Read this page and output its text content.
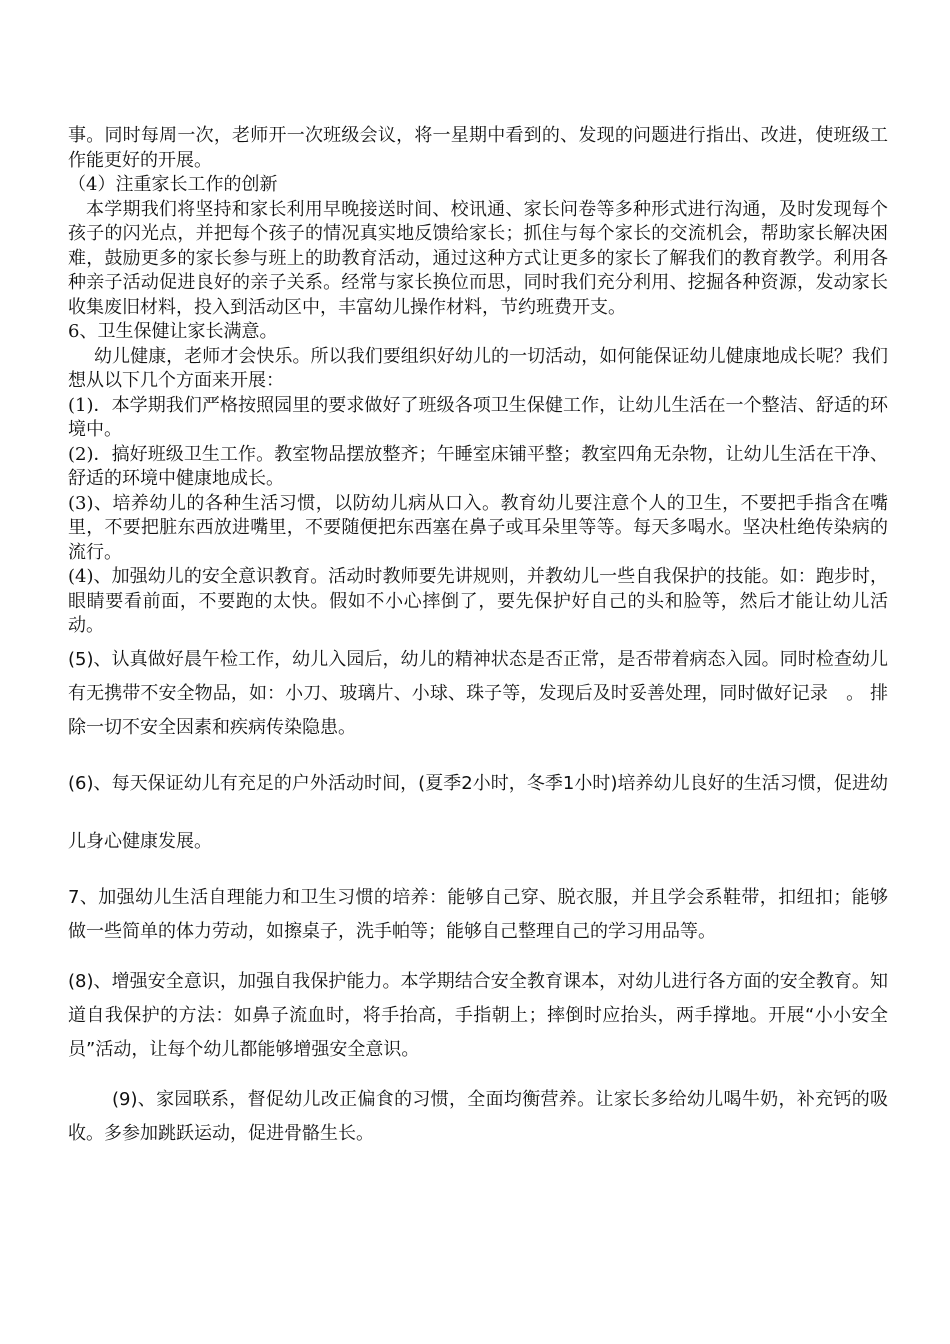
事。同时每周一次，老师开一次班级会议，将一星期中看到的、发现的问题进行指出、改进，使班级工作能更好的开展。

（4）注重家长工作的创新

本学期我们将坚持和家长利用早晚接送时间、校讯通、家长问卷等多种形式进行沟通，及时发现每个孩子的闪光点，并把每个孩子的情况真实地反馈给家长；抓住与每个家长的交流机会，帮助家长解决困难，鼓励更多的家长参与班上的助教育活动，通过这种方式让更多的家长了解我们的教育教学。利用各种亲子活动促进良好的亲子关系。经常与家长换位而思，同时我们充分利用、挖掘各种资源，发动家长收集废旧材料，投入到活动区中，丰富幼儿操作材料，节约班费开支。

6、卫生保健让家长满意。

幼儿健康，老师才会快乐。所以我们要组织好幼儿的一切活动，如何能保证幼儿健康地成长呢？我们想从以下几个方面来开展：

(1)．本学期我们严格按照园里的要求做好了班级各项卫生保健工作，让幼儿生活在一个整洁、舒适的环境中。

(2)．搞好班级卫生工作。教室物品摆放整齐；午睡室床铺平整；教室四角无杂物，让幼儿生活在干净、舒适的环境中健康地成长。

(3)、培养幼儿的各种生活习惯，以防幼儿病从口入。教育幼儿要注意个人的卫生，不要把手指含在嘴里，不要把脏东西放进嘴里，不要随便把东西塞在鼻子或耳朵里等等。每天多喝水。坚决杜绝传染病的流行。

(4)、加强幼儿的安全意识教育。活动时教师要先讲规则，并教幼儿一些自我保护的技能。如：跑步时，眼睛要看前面，不要跑的太快。假如不小心摔倒了，要先保护好自己的头和脸等，然后才能让幼儿活动。

(5)、认真做好晨午检工作，幼儿入园后，幼儿的精神状态是否正常，是否带着病态入园。同时检查幼儿有无携带不安全物品，如：小刀、玻璃片、小球、珠子等，发现后及时妥善处理，同时做好记录　。 排除一切不安全因素和疾病传染隐患。

(6)、每天保证幼儿有充足的户外活动时间，(夏季2小时，冬季1小时)培养幼儿良好的生活习惯，促进幼儿身心健康发展。

7、加强幼儿生活自理能力和卫生习惯的培养：能够自己穿、脱衣服，并且学会系鞋带，扣纽扣；能够做一些简单的体力劳动，如擦桌子，洗手帕等；能够自己整理自己的学习用品等。

(8)、增强安全意识，加强自我保护能力。本学期结合安全教育课本，对幼儿进行各方面的安全教育。知道自我保护的方法：如鼻子流血时，将手抬高，手指朝上；摔倒时应抬头，两手撑地。开展“小小安全员”活动，让每个幼儿都能够增强安全意识。

(9)、家园联系，督促幼儿改正偏食的习惯，全面均衡营养。让家长多给幼儿喝牛奶，补充钙的吸收。多参加跳跃运动，促进骨骼生长。
